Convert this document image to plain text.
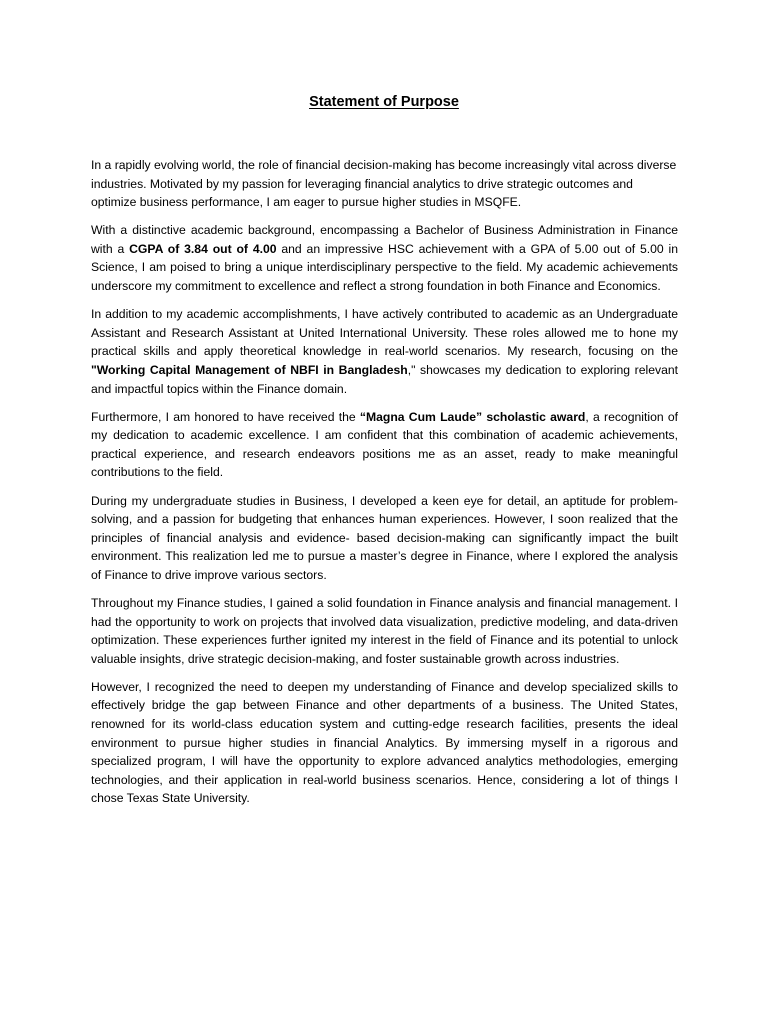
Statement of Purpose

In a rapidly evolving world, the role of financial decision-making has become increasingly vital across diverse industries. Motivated by my passion for leveraging financial analytics to drive strategic outcomes and optimize business performance, I am eager to pursue higher studies in MSQFE.

With a distinctive academic background, encompassing a Bachelor of Business Administration in Finance with a CGPA of 3.84 out of 4.00 and an impressive HSC achievement with a GPA of 5.00 out of 5.00 in Science, I am poised to bring a unique interdisciplinary perspective to the field. My academic achievements underscore my commitment to excellence and reflect a strong foundation in both Finance and Economics.

In addition to my academic accomplishments, I have actively contributed to academic as an Undergraduate Assistant and Research Assistant at United International University. These roles allowed me to hone my practical skills and apply theoretical knowledge in real-world scenarios. My research, focusing on the "Working Capital Management of NBFI in Bangladesh," showcases my dedication to exploring relevant and impactful topics within the Finance domain.

Furthermore, I am honored to have received the “Magna Cum Laude” scholastic award, a recognition of my dedication to academic excellence. I am confident that this combination of academic achievements, practical experience, and research endeavors positions me as an asset, ready to make meaningful contributions to the field.

During my undergraduate studies in Business, I developed a keen eye for detail, an aptitude for problem-solving, and a passion for budgeting that enhances human experiences. However, I soon realized that the principles of financial analysis and evidence- based decision-making can significantly impact the built environment. This realization led me to pursue a master’s degree in Finance, where I explored the analysis of Finance to drive improve various sectors.

Throughout my Finance studies, I gained a solid foundation in Finance analysis and financial management. I had the opportunity to work on projects that involved data visualization, predictive modeling, and data-driven optimization. These experiences further ignited my interest in the field of Finance and its potential to unlock valuable insights, drive strategic decision-making, and foster sustainable growth across industries.

However, I recognized the need to deepen my understanding of Finance and develop specialized skills to effectively bridge the gap between Finance and other departments of a business. The United States, renowned for its world-class education system and cutting-edge research facilities, presents the ideal environment to pursue higher studies in financial Analytics. By immersing myself in a rigorous and specialized program, I will have the opportunity to explore advanced analytics methodologies, emerging technologies, and their application in real-world business scenarios. Hence, considering a lot of things I chose Texas State University.
